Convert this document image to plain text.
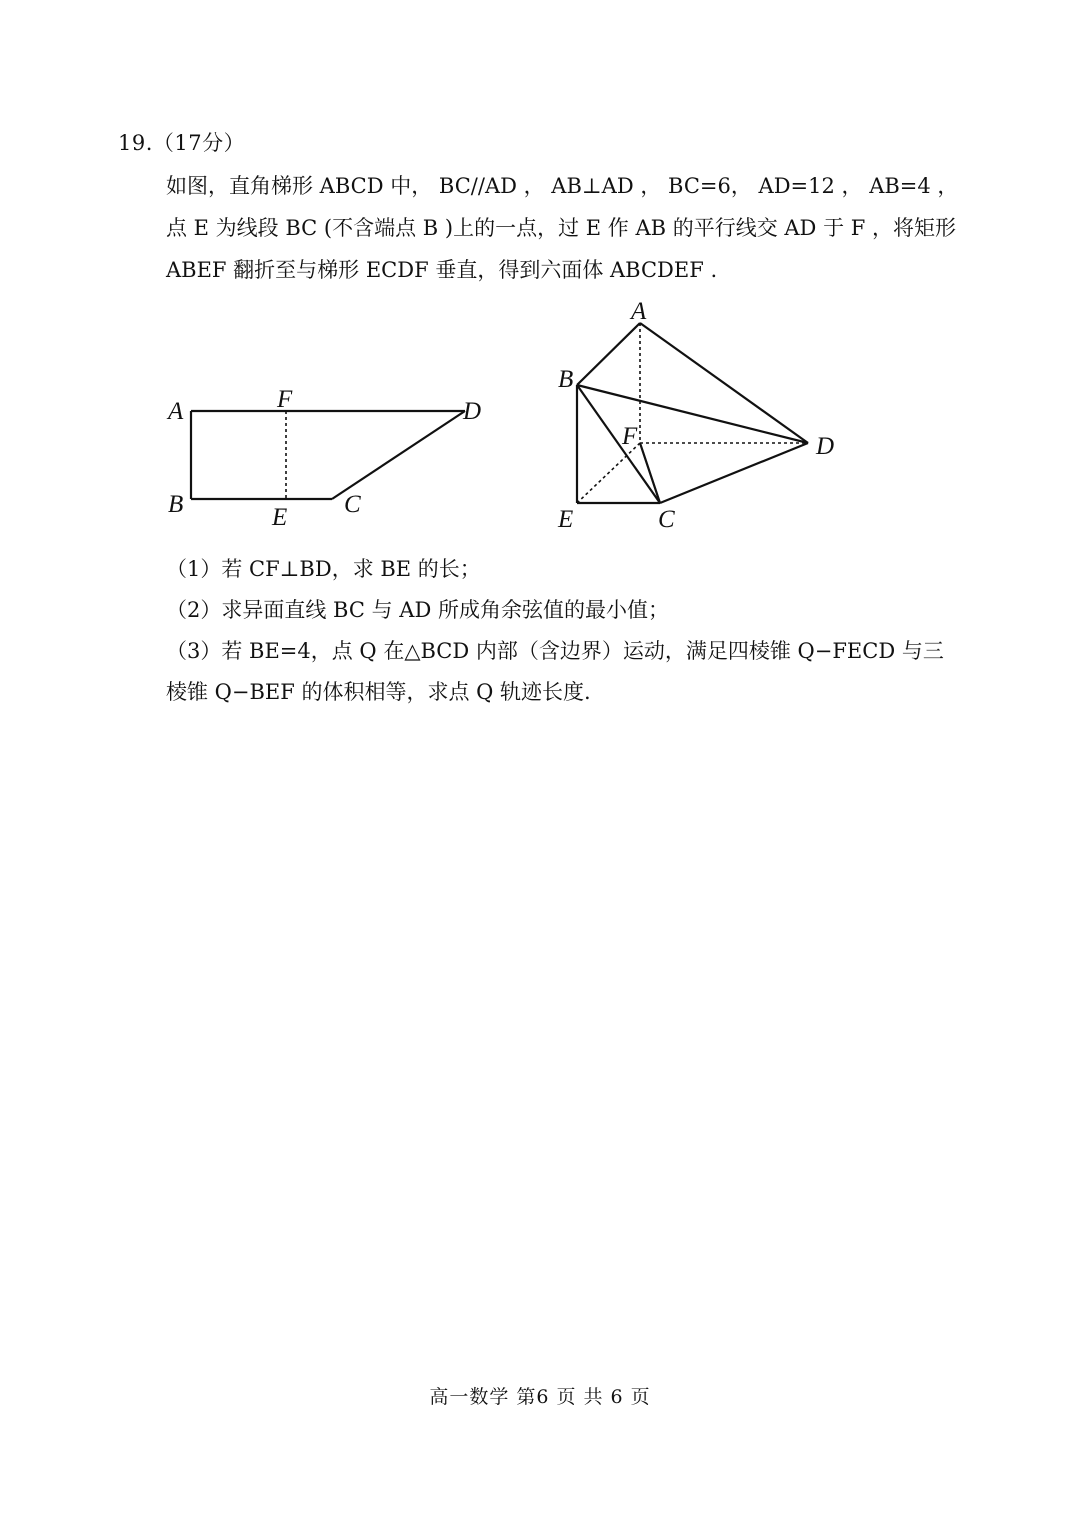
19.（17分）

如图，直角梯形 ABCD 中， BC//AD ， AB⊥AD ， BC=6， AD=12 ， AB=4 ，

点 E 为线段 BC (不含端点 B )上的一点，过 E 作 AB 的平行线交 AD 于 F ，将矩形

ABEF 翻折至与梯形 ECDF 垂直，得到六面体 ABCDEF .

A	F	D
B	E C
A
B
F	D
E	C

（1）若 CF⊥BD，求 BE 的长；

（2）求异面直线 BC 与 AD 所成角余弦值的最小值；

（3）若 BE=4，点 Q 在△BCD 内部（含边界）运动，满足四棱锥 Q−FECD 与三

棱锥 Q−BEF 的体积相等，求点 Q 轨迹长度.

高一数学 第6 页 共 6 页
